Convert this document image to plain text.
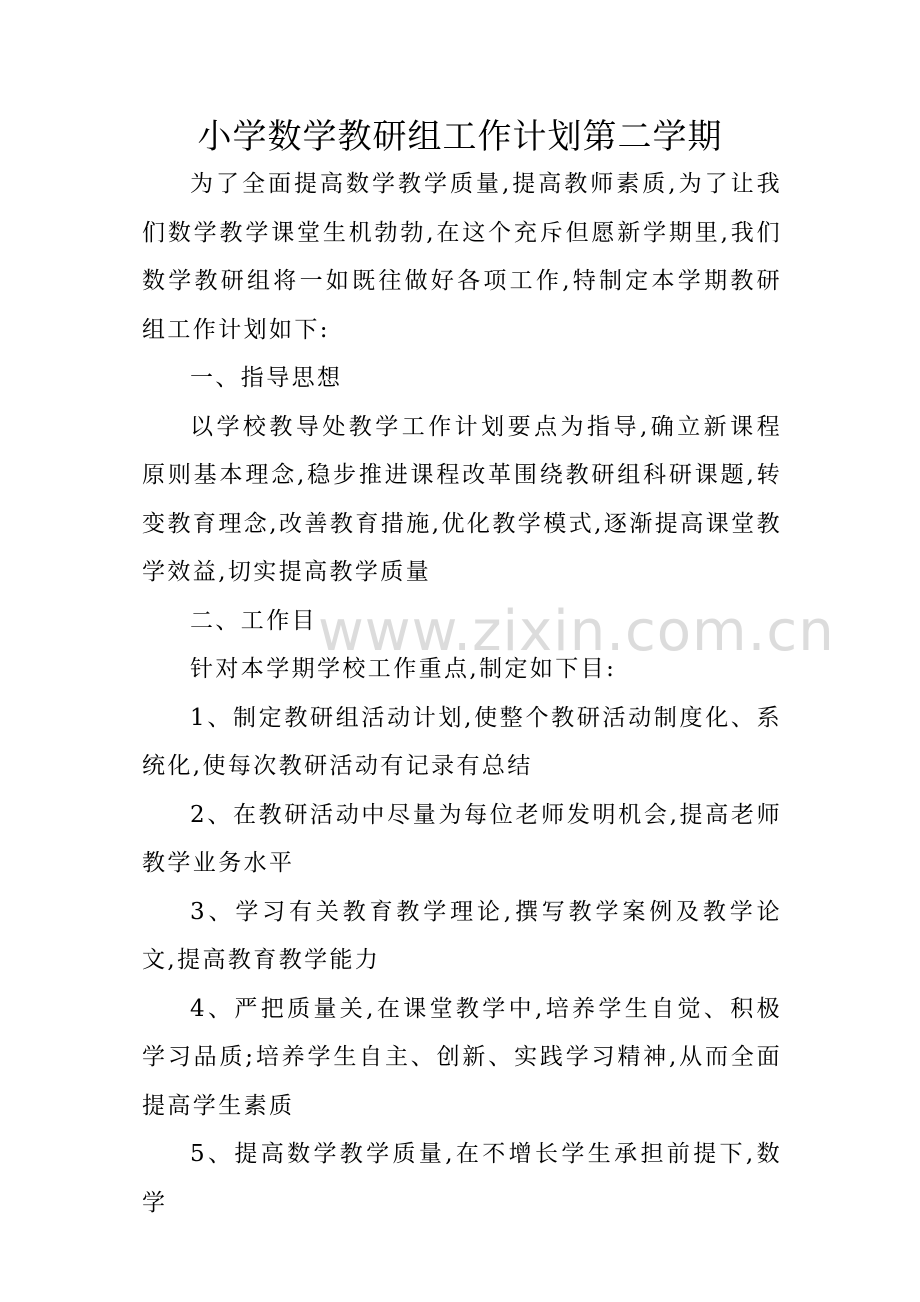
小学数学教研组工作计划第二学期

为了全面提高数学教学质量,提高教师素质,为了让我们数学教学课堂生机勃勃,在这个充斥但愿新学期里,我们数学教研组将一如既往做好各项工作,特制定本学期教研组工作计划如下:

一、指导思想

以学校教导处教学工作计划要点为指导,确立新课程原则基本理念,稳步推进课程改革围绕教研组科研课题,转变教育理念,改善教育措施,优化教学模式,逐渐提高课堂教学效益,切实提高教学质量

二、工作目

针对本学期学校工作重点,制定如下目:

1、制定教研组活动计划,使整个教研活动制度化、系统化,使每次教研活动有记录有总结

2、在教研活动中尽量为每位老师发明机会,提高老师教学业务水平

3、学习有关教育教学理论,撰写教学案例及教学论文,提高教育教学能力

4、严把质量关,在课堂教学中,培养学生自觉、积极学习品质;培养学生自主、创新、实践学习精神,从而全面提高学生素质

5、提高数学教学质量,在不增长学生承担前提下,数学

www.zixin.com.cn
